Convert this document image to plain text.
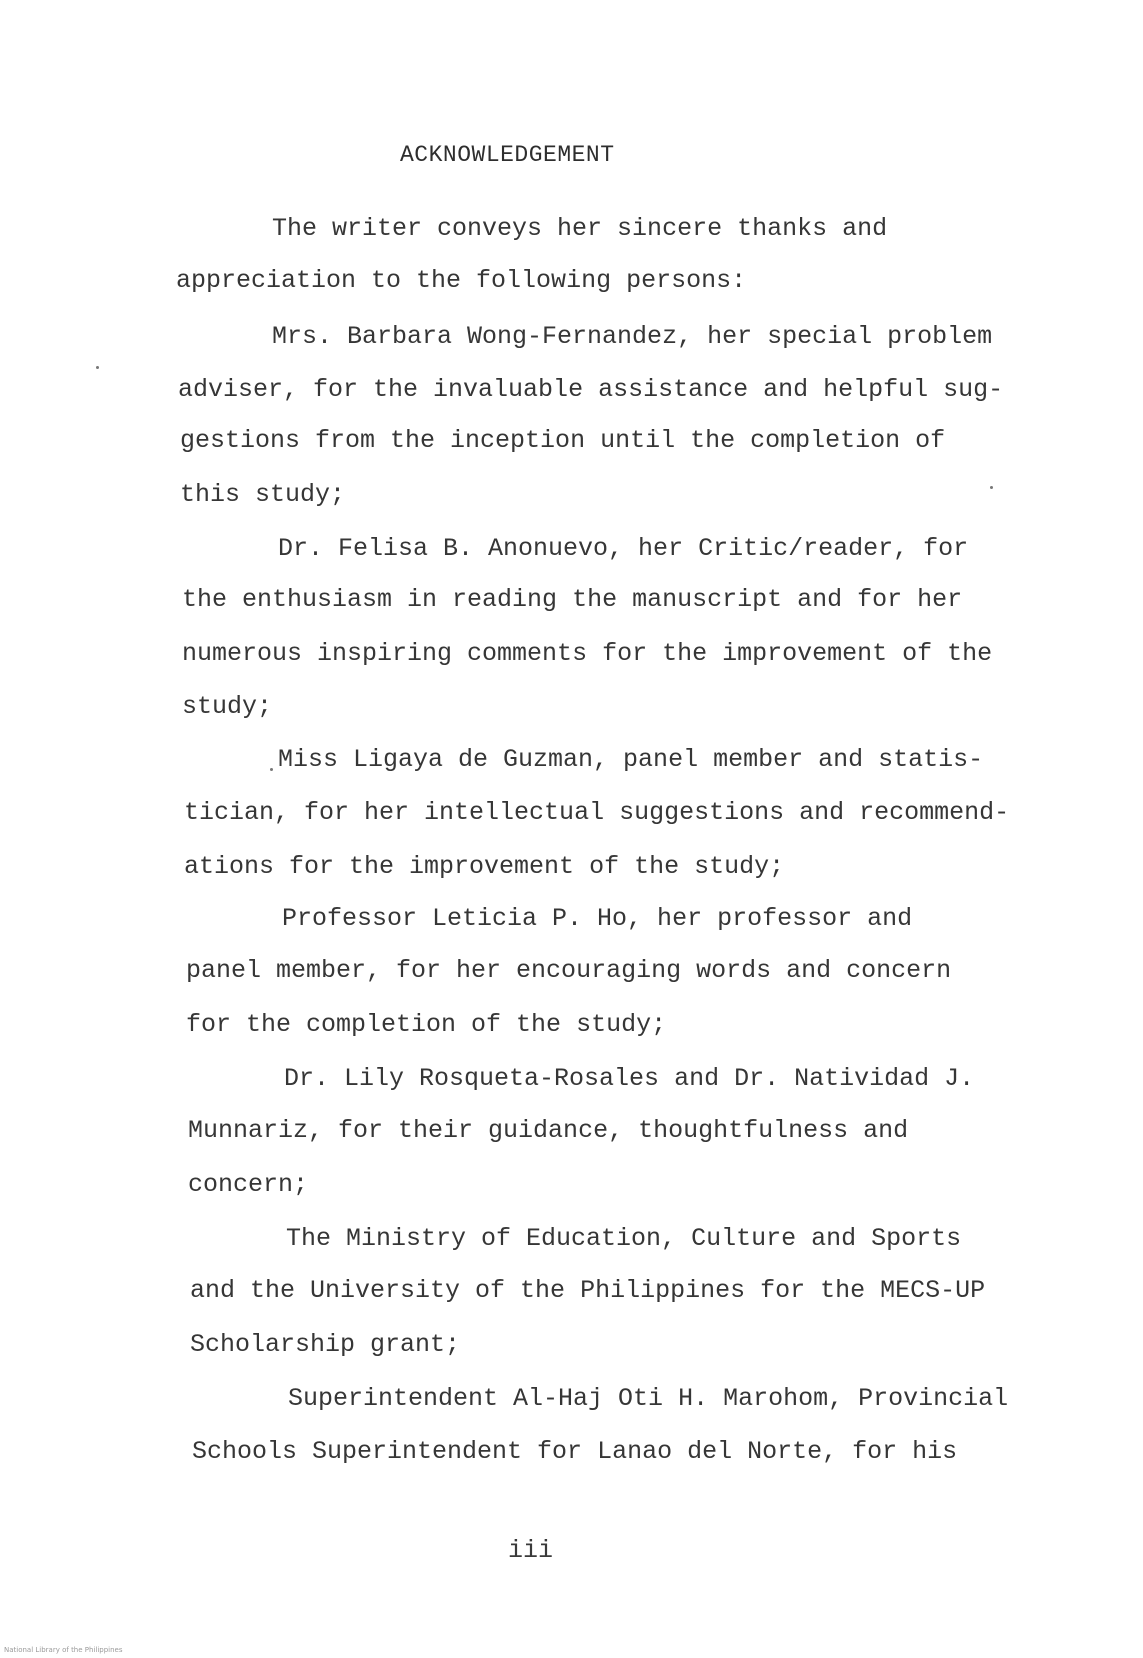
ACKNOWLEDGEMENT
The writer conveys her sincere thanks and
appreciation to the following persons:
Mrs. Barbara Wong-Fernandez, her special problem
adviser, for the invaluable assistance and helpful sug-
gestions from the inception until the completion of
this study;
Dr. Felisa B. Anonuevo, her Critic/reader, for
the enthusiasm in reading the manuscript and for her
numerous inspiring comments for the improvement of the
study;
Miss Ligaya de Guzman, panel member and statis-
tician, for her intellectual suggestions and recommend-
ations for the improvement of the study;
Professor Leticia P. Ho, her professor and
panel member, for her encouraging words and concern
for the completion of the study;
Dr. Lily Rosqueta-Rosales and Dr. Natividad J.
Munnariz, for their guidance, thoughtfulness and
concern;
The Ministry of Education, Culture and Sports
and the University of the Philippines for the MECS-UP
Scholarship grant;
Superintendent Al-Haj Oti H. Marohom, Provincial
Schools Superintendent for Lanao del Norte, for his
iii
National Library of the Philippines
